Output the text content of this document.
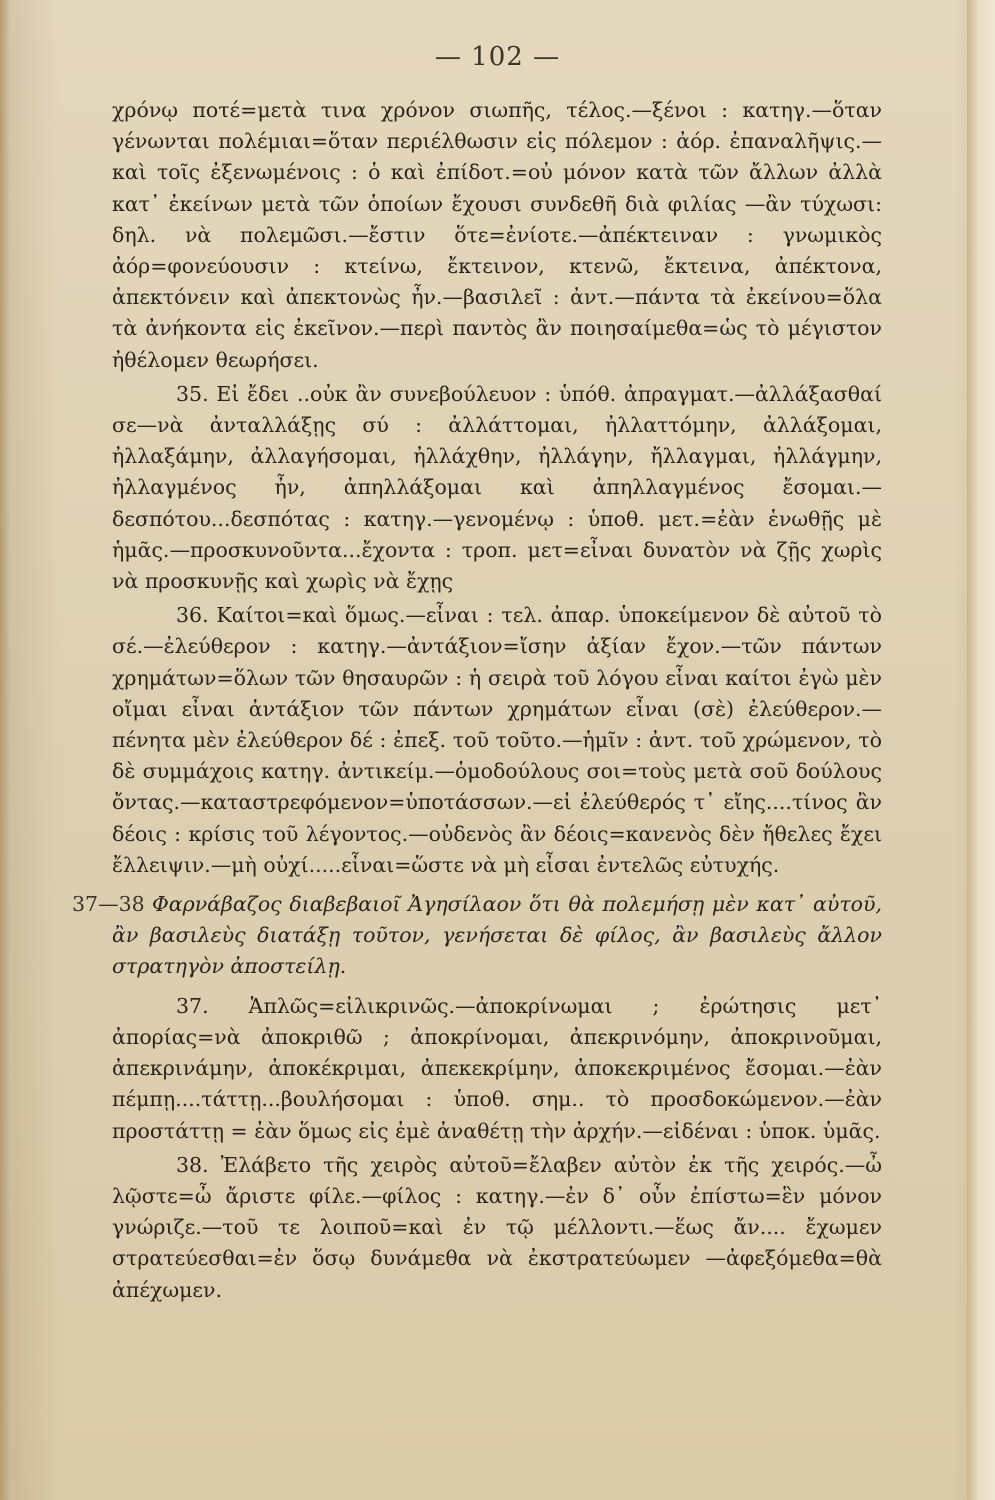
— 102 —

χρόνῳ ποτέ=μετὰ τινα χρόνον σιωπῆς, τέλος.—ξένοι : κατηγ.—ὅταν γένωνται πολέμιαι=ὅταν περιέλθωσιν εἰς πόλεμον : ἀόρ. ἐπαναλῆψις.—καὶ τοῖς ἐξενωμένοις : ὁ καὶ ἐπίδοτ.=οὐ μόνον κατὰ τῶν ἄλλων ἀλλὰ κατ᾽ ἐκείνων μετὰ τῶν ὁποίων ἔχουσι συνδεθῆ διὰ φιλίας —ἂν τύχωσι: δηλ. νὰ πολεμῶσι.—ἔστιν ὅτε=ἐνίοτε.—ἀπέκτειναν : γνωμικὸς ἀόρ=φονεύουσιν : κτείνω, ἔκτεινον, κτενῶ, ἔκτεινα, ἀπέκτονα, ἀπεκτόνειν καὶ ἀπεκτονὼς ἦν.—βασιλεῖ : ἀντ.—πάντα τὰ ἐκείνου=ὅλα τὰ ἀνήκοντα εἰς ἐκεῖνον.—περὶ παντὸς ἂν ποιησαίμεθα=ὡς τὸ μέγιστον ἠθέλομεν θεωρήσει.

35. Εἰ ἔδει ..οὐκ ἂν συνεβούλευον : ὑπόθ. ἀπραγματ.—ἀλλάξασθαί σε—νὰ ἀνταλλάξῃς σύ : ἀλλάττομαι, ἠλλαττόμην, ἀλλάξομαι, ἠλλαξάμην, ἀλλαγήσομαι, ἠλλάχθην, ἠλλάγην, ἤλλαγμαι, ἠλλάγμην, ἠλλαγμένος ἦν, ἀπηλλάξομαι καὶ ἀπηλλαγμένος ἔσομαι.—δεσπότου...δεσπότας : κατηγ.—γενομένῳ : ὑποθ. μετ.=ἐὰν ἑνωθῇς μὲ ἡμᾶς.—προσκυνοῦντα...ἔχοντα : τροπ. μετ=εἶναι δυνατὸν νὰ ζῇς χωρὶς νὰ προσκυνῇς καὶ χωρὶς νὰ ἔχῃς

36. Καίτοι=καὶ ὅμως.—εἶναι : τελ. ἀπαρ. ὑποκείμενον δὲ αὐτοῦ τὸ σέ.—ἐλεύθερον : κατηγ.—ἀντάξιον=ἴσην ἀξίαν ἔχον.—τῶν πάντων χρημάτων=ὅλων τῶν θησαυρῶν : ἡ σειρὰ τοῦ λόγου εἶναι καίτοι ἐγὼ μὲν οἴμαι εἶναι ἀντάξιον τῶν πάντων χρημάτων εἶναι (σὲ) ἐλεύθερον.—πένητα μὲν ἐλεύθερον δέ : ἐπεξ. τοῦ τοῦτο.—ἡμῖν : ἀντ. τοῦ χρώμενον, τὸ δὲ συμμάχοις κατηγ. ἀντικείμ.—ὁμοδούλους σοι=τοὺς μετὰ σοῦ δούλους ὄντας.—καταστρεφόμενον=ὑποτάσσων.—εἰ ἐλεύθερός τ᾽ εἴης....τίνος ἂν δέοις : κρίσις τοῦ λέγοντος.—οὐδενὸς ἂν δέοις=κανενὸς δὲν ἤθελες ἔχει ἔλλειψιν.—μὴ οὐχί.....εἶναι=ὥστε νὰ μὴ εἶσαι ἐντελῶς εὐτυχής.

37—38 Φαρνάβαζος διαβεβαιοῖ Ἀγησίλαον ὅτι θὰ πολεμήσῃ μὲν κατ᾽ αὐτοῦ, ἂν βασιλεὺς διατάξῃ τοῦτον, γενήσεται δὲ φίλος, ἂν βασιλεὺς ἄλλον στρατηγὸν ἀποστείλῃ.

37. Ἁπλῶς=εἰλικρινῶς.—ἀποκρίνωμαι ; ἐρώτησις μετ᾽ ἀπορίας=νὰ ἀποκριθῶ ; ἀποκρίνομαι, ἀπεκρινόμην, ἀποκρινοῦμαι, ἀπεκρινάμην, ἀποκέκριμαι, ἀπεκεκρίμην, ἀποκεκριμένος ἔσομαι.—ἐὰν πέμπῃ....τάττῃ...βουλήσομαι : ὑποθ. σημ.. τὸ προσδοκώμενον.—ἐὰν προστάττῃ = ἐὰν ὅμως εἰς ἐμὲ ἀναθέτῃ τὴν ἀρχήν.—εἰδέναι : ὑποκ. ὑμᾶς.

38. Ἐλάβετο τῆς χειρὸς αὐτοῦ=ἔλαβεν αὐτὸν ἐκ τῆς χειρός.—ὦ λῷστε=ὦ ἄριστε φίλε.—φίλος : κατηγ.—ἐν δ᾽ οὖν ἐπίστω=ἓν μόνον γνώριζε.—τοῦ τε λοιποῦ=καὶ ἐν τῷ μέλλοντι.—ἕως ἄν.... ἔχωμεν στρατεύεσθαι=ἐν ὅσῳ δυνάμεθα νὰ ἐκστρατεύωμεν —ἀφεξόμεθα=θὰ ἀπέχωμεν.
